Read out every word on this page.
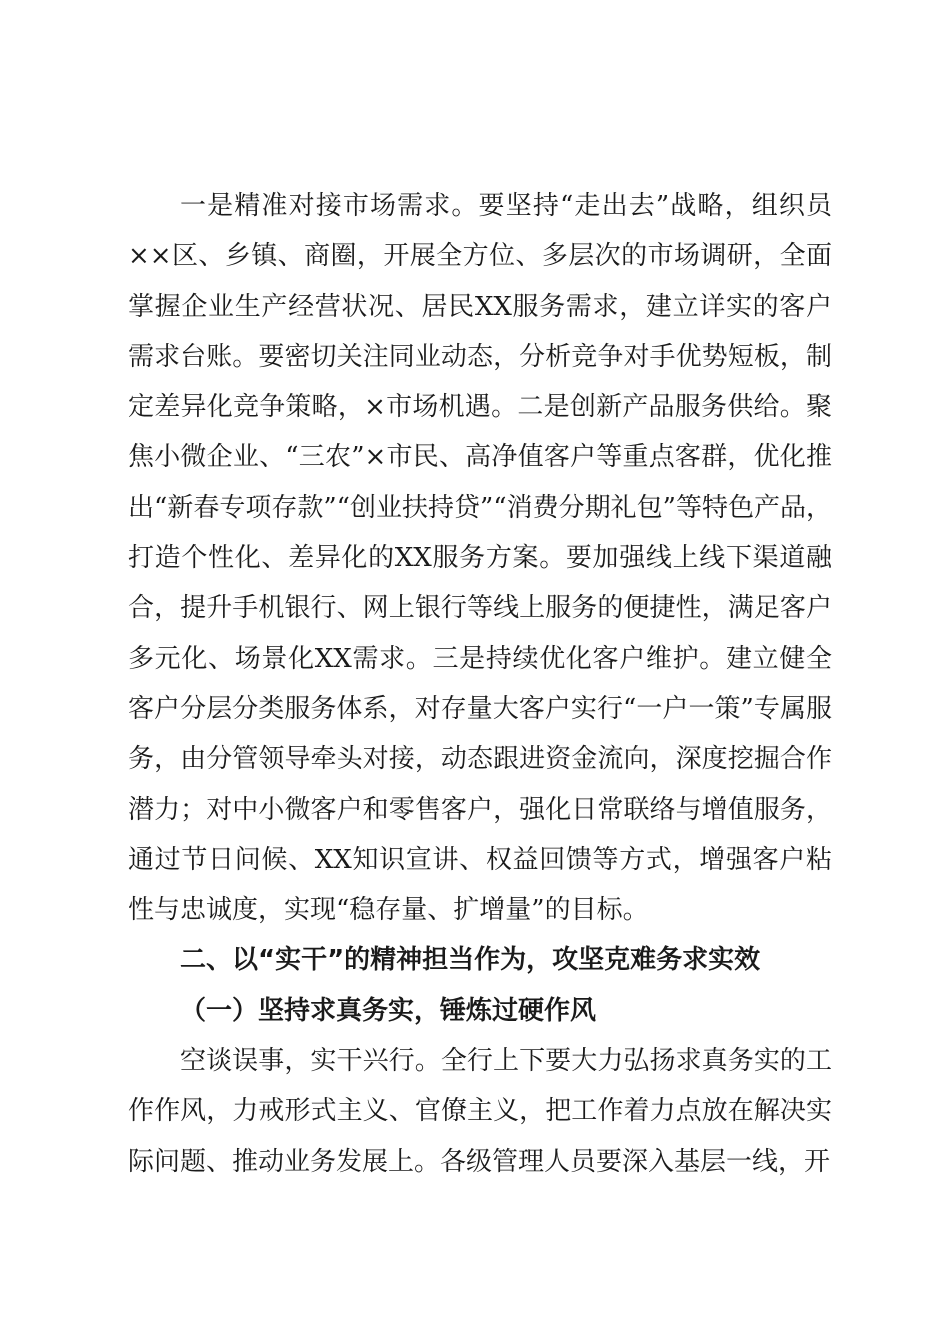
一是精准对接市场需求。要坚持“走出去”战略，组织员××区、乡镇、商圈，开展全方位、多层次的市场调研，全面掌握企业生产经营状况、居民XX服务需求，建立详实的客户需求台账。要密切关注同业动态，分析竞争对手优势短板，制定差异化竞争策略，×市场机遇。二是创新产品服务供给。聚焦小微企业、“三农”×市民、高净值客户等重点客群，优化推出“新春专项存款”“创业扶持贷”“消费分期礼包”等特色产品，打造个性化、差异化的XX服务方案。要加强线上线下渠道融合，提升手机银行、网上银行等线上服务的便捷性，满足客户多元化、场景化XX需求。三是持续优化客户维护。建立健全客户分层分类服务体系，对存量大客户实行“一户一策”专属服务，由分管领导牵头对接，动态跟进资金流向，深度挖掘合作潜力；对中小微客户和零售客户，强化日常联络与增值服务，通过节日问候、XX知识宣讲、权益回馈等方式，增强客户粘性与忠诚度，实现“稳存量、扩增量”的目标。

二、以“实干”的精神担当作为，攻坚克难务求实效

（一）坚持求真务实，锤炼过硬作风

空谈误事，实干兴行。全行上下要大力弘扬求真务实的工作作风，力戒形式主义、官僚主义，把工作着力点放在解决实际问题、推动业务发展上。各级管理人员要深入基层一线，开
